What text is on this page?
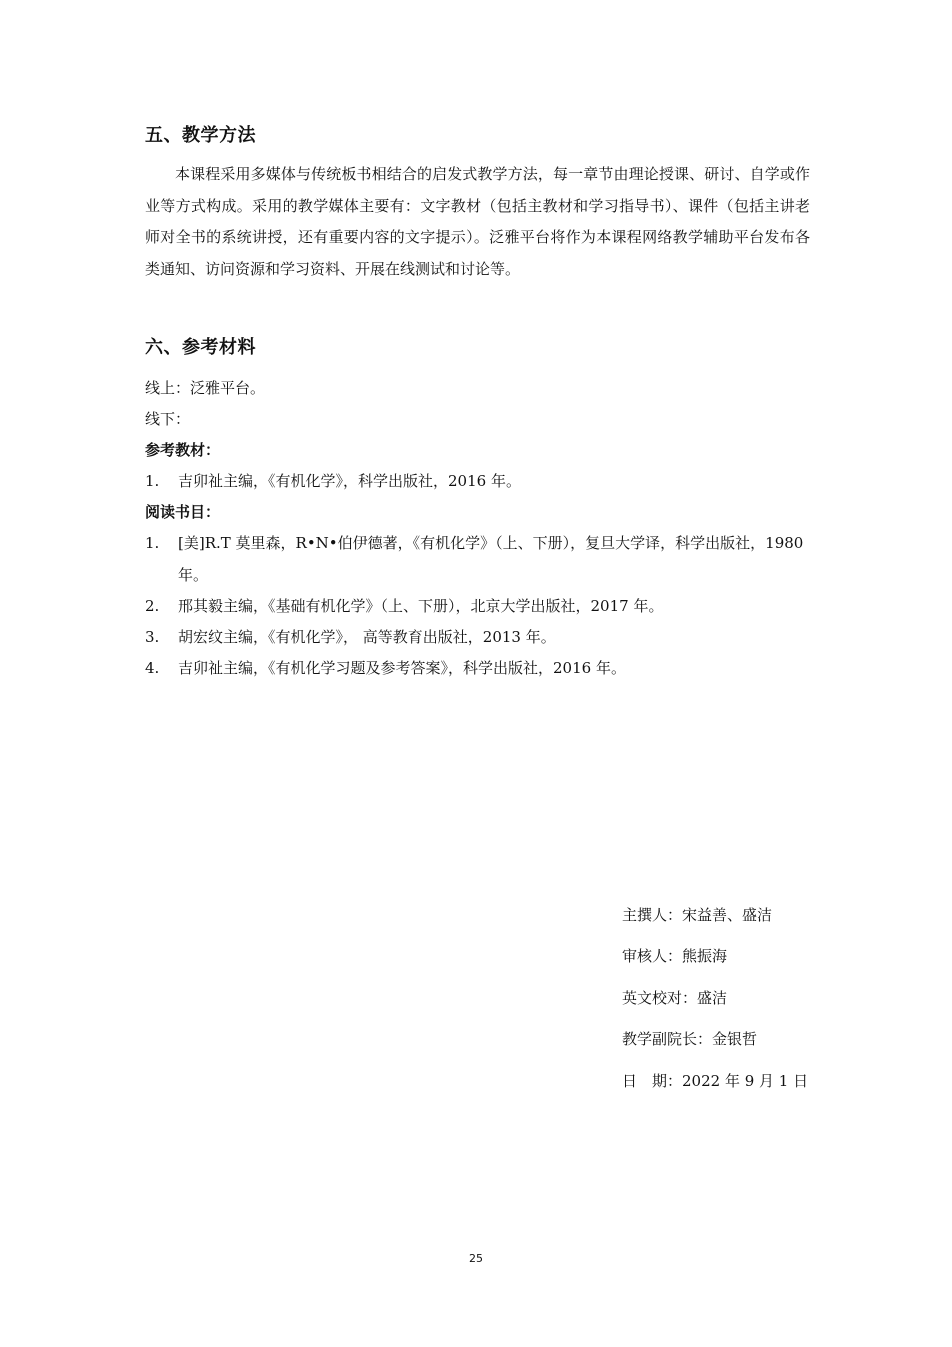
五、教学方法
本课程采用多媒体与传统板书相结合的启发式教学方法，每一章节由理论授课、研讨、自学或作业等方式构成。采用的教学媒体主要有：文字教材（包括主教材和学习指导书）、课件（包括主讲老师对全书的系统讲授，还有重要内容的文字提示）。泛雅平台将作为本课程网络教学辅助平台发布各类通知、访问资源和学习资料、开展在线测试和讨论等。
六、参考材料
线上：泛雅平台。
线下：
参考教材：
1.	吉卯祉主编，《有机化学》，科学出版社，2016 年。
阅读书目：
1.	[美]R.T 莫里森，R•N•伯伊德著，《有机化学》（上、下册），复旦大学译，科学出版社，1980 年。
2.	邢其毅主编，《基础有机化学》（上、下册），北京大学出版社，2017 年。
3.	胡宏纹主编，《有机化学》， 高等教育出版社，2013 年。
4.	吉卯祉主编，《有机化学习题及参考答案》，科学出版社，2016 年。
主撰人：宋益善、盛洁
审核人：熊振海
英文校对：盛洁
教学副院长：金银哲
日　期：2022 年 9 月 1 日
25
